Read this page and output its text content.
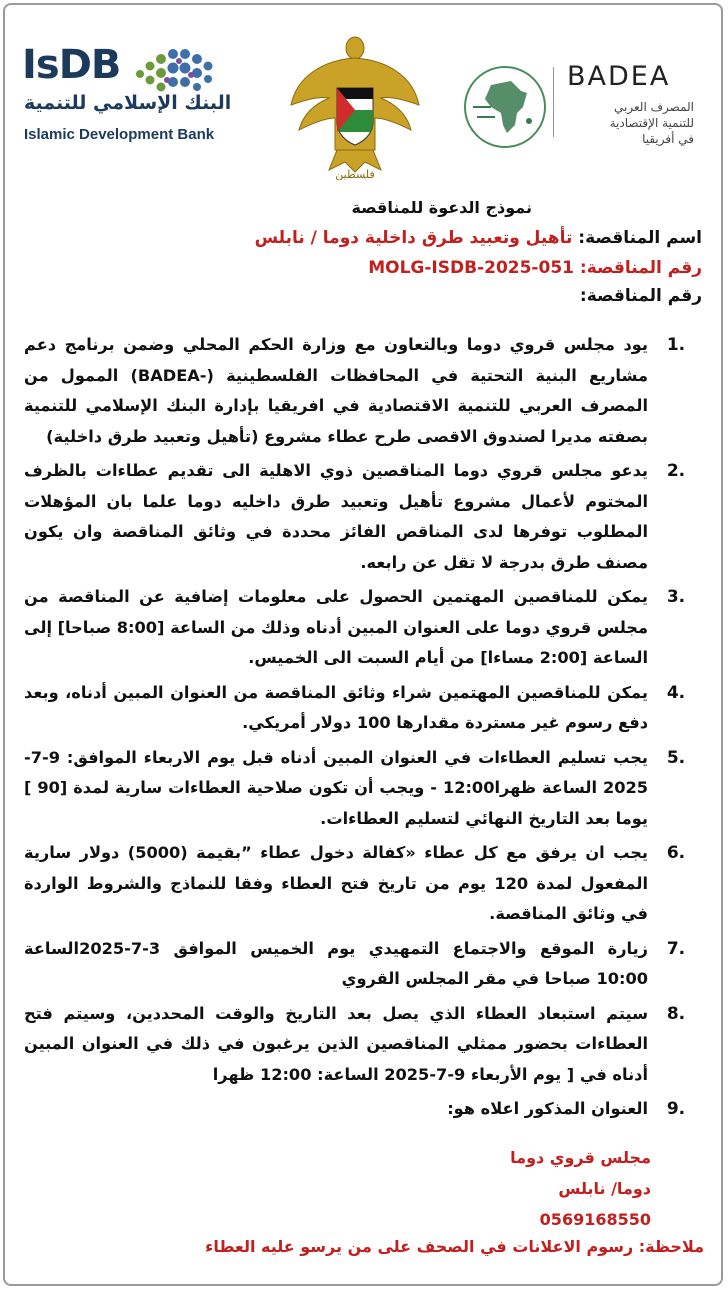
IsDB
البنك الإسلامي للتنمية
Islamic Development Bank
فلسطين
BADEA
المصرف العربي
للتنمية الإقتصادية
في أفريقيا
نموذج الدعوة للمناقصة
اسم المناقصة: تأهيل وتعبيد طرق داخلية دوما / نابلس
رقم المناقصة: MOLG-ISDB-2025-051
رقم المناقصة:
1.
يود مجلس قروي دوما وبالتعاون مع وزارة الحكم المحلي وضمن برنامج دعم مشاريع البنية التحتية في المحافظات الفلسطينية (-BADEA) الممول من المصرف العربي للتنمية الاقتصادية في افريقيا بإدارة البنك الإسلامي للتنمية بصفته مديرا لصندوق الاقصى طرح عطاء مشروع (تأهيل وتعبيد طرق داخلية)
2.
يدعو مجلس قروي دوما المناقصين ذوي الاهلية الى تقديم عطاءات بالظرف المختوم لأعمال مشروع تأهيل وتعبيد طرق داخليه دوما علما بان المؤهلات المطلوب توفرها لدى المناقص الفائز محددة في وثائق المناقصة وان يكون مصنف طرق بدرجة لا تقل عن رابعه.
3.
يمكن للمناقصين المهتمين الحصول على معلومات إضافية عن المناقصة من مجلس قروي دوما على العنوان المبين أدناه وذلك من الساعة [8:00 صباحا] إلى الساعة [2:00 مساءا] من أيام السبت الى الخميس.
4.
يمكن للمناقصين المهتمين شراء وثائق المناقصة من العنوان المبين أدناه، وبعد دفع رسوم غير مستردة مقدارها 100 دولار أمريكي.
5.
يجب تسليم العطاءات في العنوان المبين أدناه قبل يوم الاربعاء الموافق: 9-7-2025 الساعة ظهرا12:00 - ويجب أن تكون صلاحية العطاءات سارية لمدة [90 ] يوما بعد التاريخ النهائي لتسليم العطاءات.
6.
يجب ان يرفق مع كل عطاء «كفالة دخول عطاء ”بقيمة (5000) دولار سارية المفعول لمدة 120 يوم من تاريخ فتح العطاء وفقا للنماذج والشروط الواردة في وثائق المناقصة.
7.
زيارة الموقع والاجتماع التمهيدي يوم الخميس الموافق 3-7-2025الساعة 10:00 صباحا في مقر المجلس القروي
8.
سيتم استبعاد العطاء الذي يصل بعد التاريخ والوقت المحددين، وسيتم فتح العطاءات بحضور ممثلي المناقصين الذين يرغبون في ذلك في العنوان المبين أدناه في [ يوم الأربعاء 9-7-2025 الساعة: 12:00 ظهرا
9.
العنوان المذكور اعلاه هو:
مجلس قروي دوما
دوما/ نابلس
0569168550
ملاحظة: رسوم الاعلانات في الصحف على من يرسو عليه العطاء
